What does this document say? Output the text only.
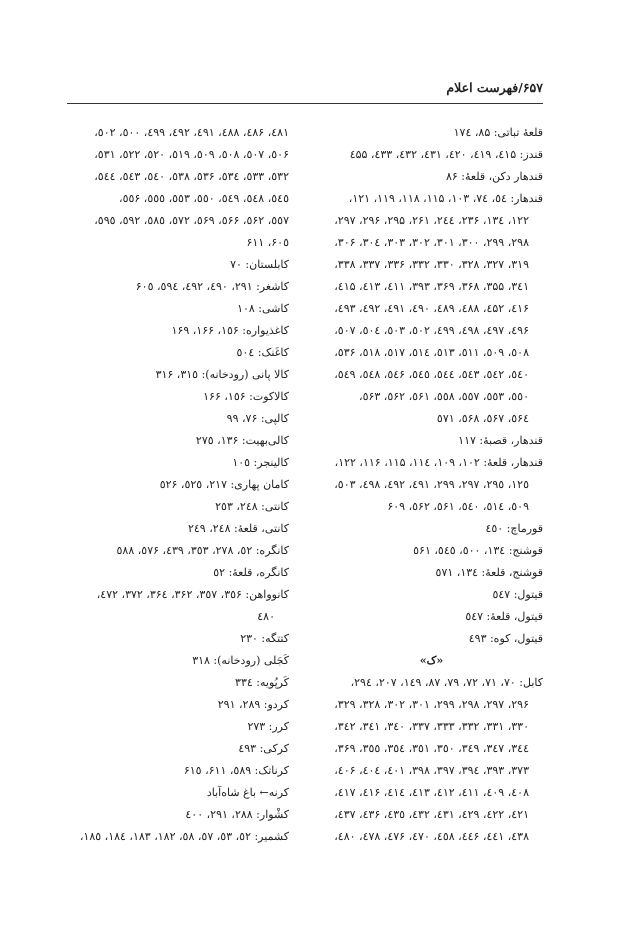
۶۵۷/فهرست اعلام
قلعهٔ تباتی: ۸۵، ۱۷٤
قندز: ٤۱۵، ٤۱۹، ٤۲۰، ٤۳۱، ٤۳۲، ٤۳۳، ٤۵۵
قندهار دکن، قلعهٔ: ۸۶
قندهار: ٥٤، ۷٤، ۱۰۳، ۱۱۵، ۱۱۸، ۱۱۹، ۱۲۱،
۱۲۲، ۱۳٤، ۲۳۶، ۲٤٤، ۲۶۱، ۲۹۵، ۲۹۶، ۲۹۷،
۲۹۸، ۲۹۹، ۳۰۰، ۳۰۱، ۳۰۲، ۳۰۳، ۳۰٤، ۳۰۶،
۳۱۹، ۳۲۷، ۳۲۸، ۳۳۰، ۳۳۲، ۳۳۶، ۳۳۷، ۳۳۸،
۳٤۱، ۳۵۵، ۳۶۸، ۳۶۹، ۳۹۳، ٤۱۱، ٤۱۳، ٤۱۵،
٤۱۶، ٤۵۲، ٤۸۸، ٤۸۹، ٤۹۰، ٤۹۱، ٤۹۲، ٤۹۳،
٤۹۶، ٤۹۷، ٤۹۸، ٤۹۹، ٥۰۲، ٥۰۳، ٥۰٤، ٥۰۷،
٥۰۸، ٥۰۹، ٥۱۱، ٥۱۳، ٥۱٤، ٥۱۷، ٥۱۸، ٥۳۶،
٥٤۰، ٥٤۲، ٥٤۳، ٥٤٤، ٥٤٥، ٥٤۶، ٥٤۸، ٥٤۹،
٥٥۰، ٥٥۳، ٥٥۷، ٥٥۸، ٥۶۱، ٥۶۲، ٥۶۳،
٥۶٤، ٥۶۷، ٥۶۸، ٥۷۱
قندهار، قصبهٔ: ۱۱۷
قندهار، قلعهٔ: ۱۰۲، ۱۰۹، ۱۱٤، ۱۱۵، ۱۱۶، ۱۲۲،
۱۲٥، ۲۹٥، ۲۹۷، ۲۹۹، ٤۹۱، ٤۹۲، ٤۹۸، ٥۰۳،
٥۰۹، ٥۱٤، ٥٤۰، ٥۶۱، ٥۶۲، ۶۰۹
قورماچ: ٤٥۰
قوشنج: ۱۳٤، ٥۰۰، ٥٤٥، ٥۶۱
قوشنج، قلعهٔ: ۱۳٤، ٥۷۱
قیتول: ٥٤۷
قیتول، قلعهٔ: ٥٤۷
قیتول، کوه: ٤۹۳
«ک»
کابل: ۷۰، ۷۱، ۷۲، ۷۹، ۸۷، ۱٤۹، ۲۰۷، ۲۹٤،
۲۹۶، ۲۹۷، ۲۹۸، ۲۹۹، ۳۰۱، ۳۰۲، ۳۲۸، ۳۲۹،
۳۳۰، ۳۳۱، ۳۳۲، ۳۳۳، ۳۳۷، ۳٤۰، ۳٤۱، ۳٤۲،
۳٤٤، ۳٤۷، ۳٤۹، ۳٥۰، ۳٥۱، ۳٥٤، ۳٥٥، ۳۶۹،
۳۷۳، ۳۹۳، ۳۹٤، ۳۹۷، ۳۹۸، ٤۰۱، ٤۰٤، ٤۰۶،
٤۰۸، ٤۰۹، ٤۱۱، ٤۱۲، ٤۱۳، ٤۱٤، ٤۱۶، ٤۱۷،
٤۲۱، ٤۲۲، ٤۲۹، ٤۳۱، ٤۳۲، ٤۳٥، ٤۳۶، ٤۳۷،
٤۳۸، ٤٤۱، ٤٤۶، ٤٥۸، ٤۷۰، ٤۷۶، ٤۷۸، ٤۸۰،
٤۸۱، ٤۸۶، ٤۸۸، ٤۹۱، ٤۹۲، ٤۹۹، ٥۰۰، ٥۰۲،
٥۰۶، ٥۰۷، ٥۰۸، ٥۰۹، ٥۱۹، ٥۲۰، ٥۲۲، ٥۳۱،
٥۳۲، ٥۳۳، ٥۳٤، ٥۳۶، ٥۳۸، ٥٤۰، ٥٤۳، ٥٤٤،
٥٤٥، ٥٤۸، ٥٤۹، ٥٥۰، ٥٥۳، ٥٥٥، ٥٥۶،
٥٥۷، ٥۶۲، ٥۶۶، ٥۶۹، ٥۷۲، ٥۸٥، ٥۹۲، ٥۹٥،
۶۰٥، ۶۱۱
کابلستان: ۷۰
کاشغر: ۲۹۱، ٤۹۰، ٤۹۲، ٥۹٤، ۶۰٥
کاشی: ۱۰۸
کاغذیواره: ۱٥۶، ۱۶۶، ۱۶۹
کاغَنک: ٥۰٤
کالا پانی (رودخانه): ۳۱٥، ۳۱۶
کالاکوت: ۱٥۶، ۱۶۶
کالپی: ۷۶، ۹۹
کالی‌بهیت: ۱۳۶، ۲۷٥
کالینجر: ۱۰٥
کامان پهاری: ۲۱۷، ٥۲٥، ٥۲۶
کانتی: ۲٤۸، ۲٥۳
کانتی، قلعهٔ: ۲٤۸، ۲٤۹
کانگره: ٥۲، ۲۷۸، ۳٥۳، ٤۳۹، ٥۷۶، ٥۸۸
کانگره، قلعهٔ: ٥۲
کانوواهن: ۳٥۶، ۳٥۷، ۳۶۲، ۳۶٤، ۳۷۲، ٤۷۲،
٤۸۰
کتتگه: ۲۳۰
کَجَلی (رودخانه): ۳۱۸
کَرپُویه: ۳۳٤
کردو: ۲۸۹، ۲۹۱
کرر: ۲۷۳
کرکی: ٤۹۳
کرناتک: ٥۸۹، ۶۱۱، ۶۱٥
کرنه← باغ شاه‌آباد
کشْوار: ۲۸۸، ۲۹۱، ٤۰۰
کشمیر: ٥۲، ٥۳، ٥۷، ٥۸، ۱۸۲، ۱۸۳، ۱۸٤، ۱۸٥،
